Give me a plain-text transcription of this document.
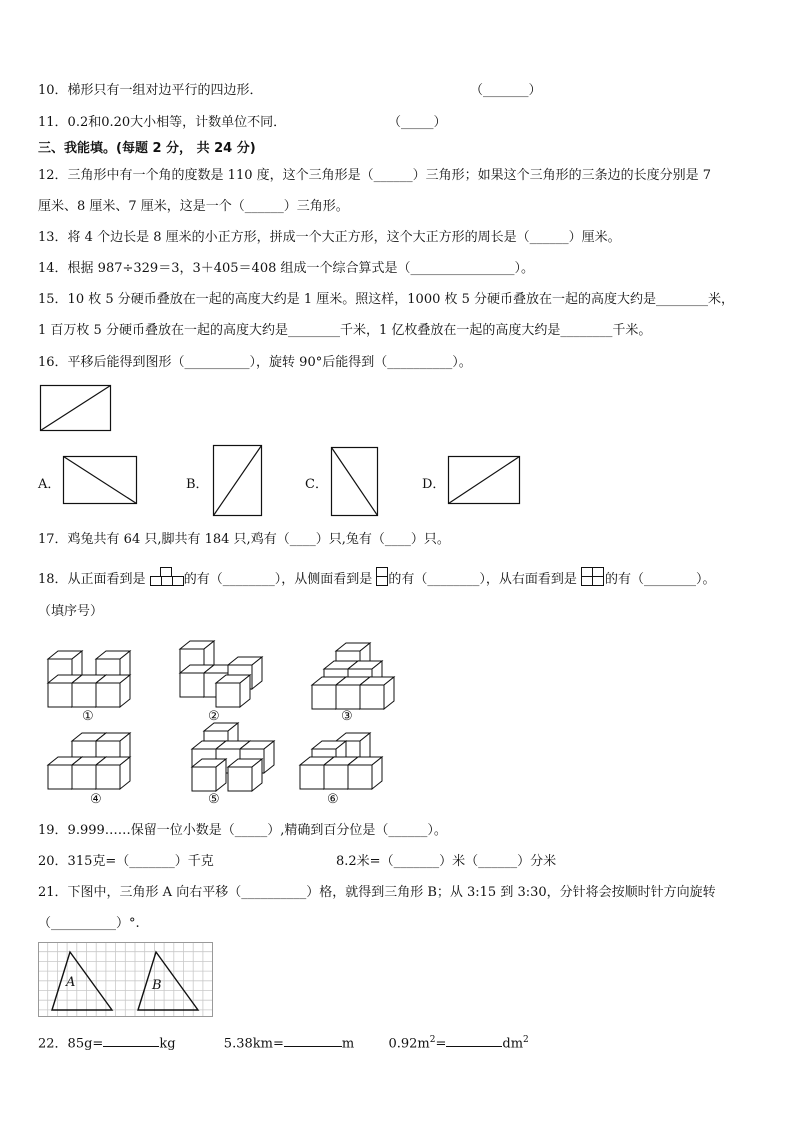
10．梯形只有一组对边平行的四边形．	（_______）
11．0.2和0.20大小相等，计数单位不同．	（_____）
三、我能填。(每题 2 分， 共 24 分)
12．三角形中有一个角的度数是 110 度，这个三角形是（______）三角形；如果这个三角形的三条边的长度分别是 7
厘米、8 厘米、7 厘米，这是一个（______）三角形。
13．将 4 个边长是 8 厘米的小正方形，拼成一个大正方形，这个大正方形的周长是（______）厘米。
14．根据 987÷329＝3，3＋405＝408 组成一个综合算式是（________________）。
15．10 枚 5 分硬币叠放在一起的高度大约是 1 厘米。照这样，1000 枚 5 分硬币叠放在一起的高度大约是________米，
1 百万枚 5 分硬币叠放在一起的高度大约是________千米，1 亿枚叠放在一起的高度大约是________千米。
16．平移后能得到图形（__________），旋转 90°后能得到（__________）。
A．	B．	C．	D．
17．鸡兔共有 64 只,脚共有 184 只,鸡有（____）只,兔有（____）只。
18．从正面看到是	的有（________），从侧面看到是 的有（________），从右面看到是 的有（________）。
（填序号）
①	②	③
④	⑤	⑥
19．9.999……保留一位小数是（_____）,精确到百分位是（______）。
20．315克=（_______）千克	8.2米=（_______）米（______）分米
21．下图中，三角形 A 向右平移（__________）格，就得到三角形 B；从 3:15 到 3:30，分针将会按顺时针方向旋转
（__________）°.
A	B
22．85g=	kg	5.38km=	m	$0.92m^2=$	$dm^2$
